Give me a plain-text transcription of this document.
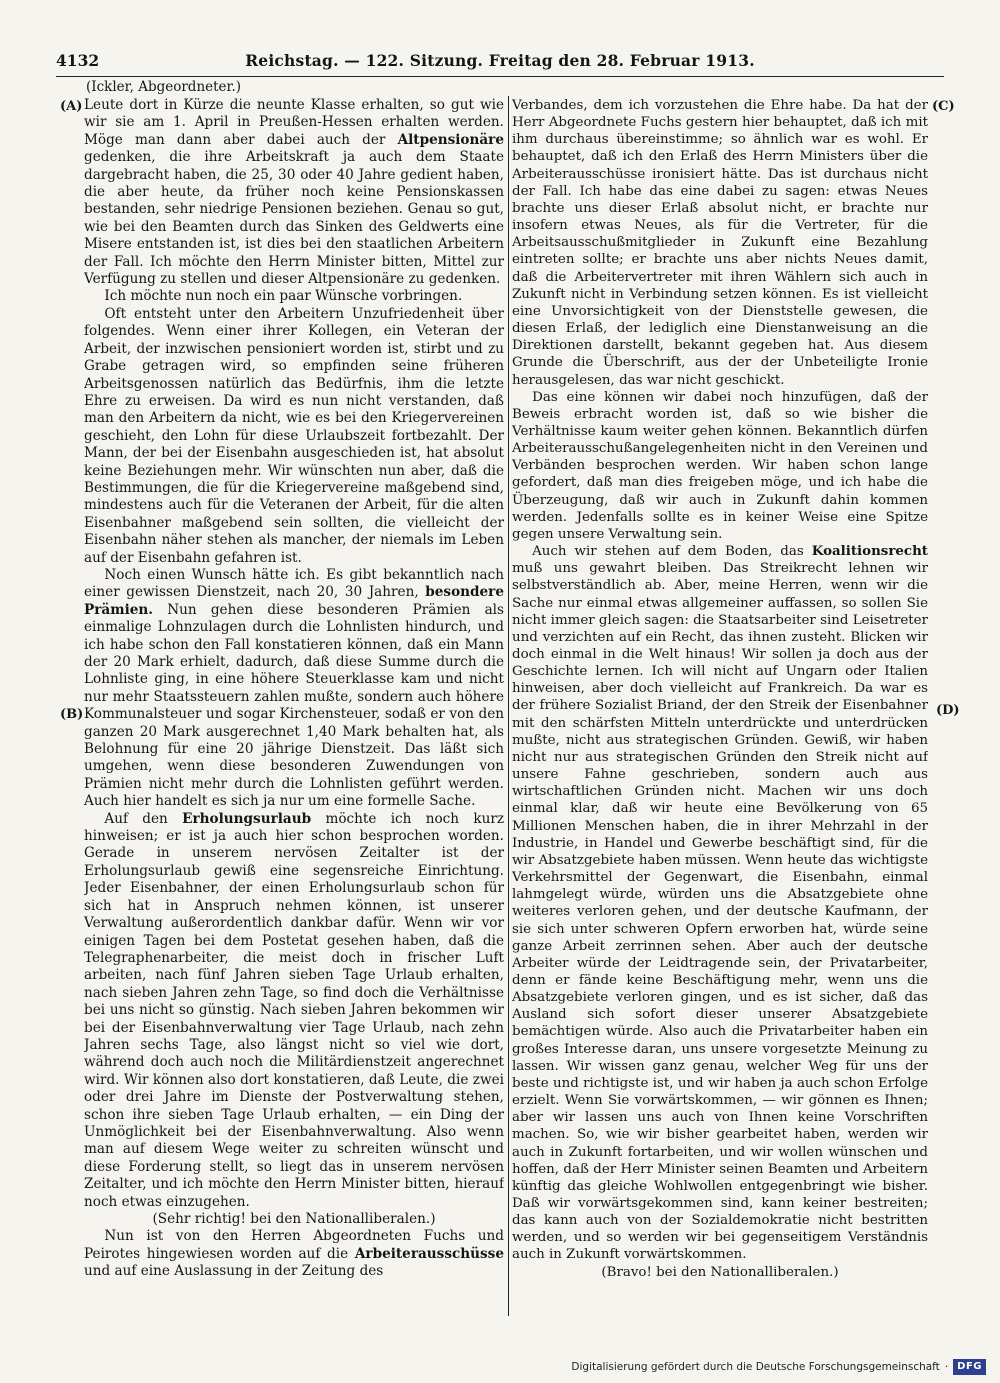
4132	Reichstag. — 122. Sitzung. Freitag den 28. Februar 1913.
(Ickler, Abgeordneter.)
(A)
(B)
(C)
(D)

Leute dort in Kürze die neunte Klasse erhalten, so gut wie wir sie am 1. April in Preußen-Hessen erhalten werden. Möge man dann aber dabei auch der Altpensionäre gedenken, die ihre Arbeitskraft ja auch dem Staate dargebracht haben, die 25, 30 oder 40 Jahre gedient haben, die aber heute, da früher noch keine Pensionskassen bestanden, sehr niedrige Pensionen beziehen. Genau so gut, wie bei den Beamten durch das Sinken des Geldwerts eine Misere entstanden ist, ist dies bei den staatlichen Arbeitern der Fall. Ich möchte den Herrn Minister bitten, Mittel zur Verfügung zu stellen und dieser Altpensionäre zu gedenken.

Ich möchte nun noch ein paar Wünsche vorbringen.

Oft entsteht unter den Arbeitern Unzufriedenheit über folgendes. Wenn einer ihrer Kollegen, ein Veteran der Arbeit, der inzwischen pensioniert worden ist, stirbt und zu Grabe getragen wird, so empfinden seine früheren Arbeitsgenossen natürlich das Bedürfnis, ihm die letzte Ehre zu erweisen. Da wird es nun nicht verstanden, daß man den Arbeitern da nicht, wie es bei den Kriegervereinen geschieht, den Lohn für diese Urlaubszeit fortbezahlt. Der Mann, der bei der Eisenbahn ausgeschieden ist, hat absolut keine Beziehungen mehr. Wir wünschten nun aber, daß die Bestimmungen, die für die Kriegervereine maßgebend sind, mindestens auch für die Veteranen der Arbeit, für die alten Eisenbahner maßgebend sein sollten, die vielleicht der Eisenbahn näher stehen als mancher, der niemals im Leben auf der Eisenbahn gefahren ist.

Noch einen Wunsch hätte ich. Es gibt bekanntlich nach einer gewissen Dienstzeit, nach 20, 30 Jahren, besondere Prämien. Nun gehen diese besonderen Prämien als einmalige Lohnzulagen durch die Lohnlisten hindurch, und ich habe schon den Fall konstatieren können, daß ein Mann der 20 Mark erhielt, dadurch, daß diese Summe durch die Lohnliste ging, in eine höhere Steuerklasse kam und nicht nur mehr Staatssteuern zahlen mußte, sondern auch höhere Kommunalsteuer und sogar Kirchensteuer, sodaß er von den ganzen 20 Mark ausgerechnet 1,40 Mark behalten hat, als Belohnung für eine 20 jährige Dienstzeit. Das läßt sich umgehen, wenn diese besonderen Zuwendungen von Prämien nicht mehr durch die Lohnlisten geführt werden. Auch hier handelt es sich ja nur um eine formelle Sache.

Auf den Erholungsurlaub möchte ich noch kurz hinweisen; er ist ja auch hier schon besprochen worden. Gerade in unserem nervösen Zeitalter ist der Erholungsurlaub gewiß eine segensreiche Einrichtung. Jeder Eisenbahner, der einen Erholungsurlaub schon für sich hat in Anspruch nehmen können, ist unserer Verwaltung außerordentlich dankbar dafür. Wenn wir vor einigen Tagen bei dem Postetat gesehen haben, daß die Telegraphenarbeiter, die meist doch in frischer Luft arbeiten, nach fünf Jahren sieben Tage Urlaub erhalten, nach sieben Jahren zehn Tage, so find doch die Verhältnisse bei uns nicht so günstig. Nach sieben Jahren bekommen wir bei der Eisenbahnverwaltung vier Tage Urlaub, nach zehn Jahren sechs Tage, also längst nicht so viel wie dort, während doch auch noch die Militärdienstzeit angerechnet wird. Wir können also dort konstatieren, daß Leute, die zwei oder drei Jahre im Dienste der Postverwaltung stehen, schon ihre sieben Tage Urlaub erhalten, — ein Ding der Unmöglichkeit bei der Eisenbahnverwaltung. Also wenn man auf diesem Wege weiter zu schreiten wünscht und diese Forderung stellt, so liegt das in unserem nervösen Zeitalter, und ich möchte den Herrn Minister bitten, hierauf noch etwas einzugehen.

(Sehr richtig! bei den Nationalliberalen.)

Nun ist von den Herren Abgeordneten Fuchs und Peirotes hingewiesen worden auf die Arbeiterausschüsse und auf eine Auslassung in der Zeitung des

Verbandes, dem ich vorzustehen die Ehre habe. Da hat der Herr Abgeordnete Fuchs gestern hier behauptet, daß ich mit ihm durchaus übereinstimme; so ähnlich war es wohl. Er behauptet, daß ich den Erlaß des Herrn Ministers über die Arbeiterausschüsse ironisiert hätte. Das ist durchaus nicht der Fall. Ich habe das eine dabei zu sagen: etwas Neues brachte uns dieser Erlaß absolut nicht, er brachte nur insofern etwas Neues, als für die Vertreter, für die Arbeitsausschußmitglieder in Zukunft eine Bezahlung eintreten sollte; er brachte uns aber nichts Neues damit, daß die Arbeitervertreter mit ihren Wählern sich auch in Zukunft nicht in Verbindung setzen können. Es ist vielleicht eine Unvorsichtigkeit von der Dienststelle gewesen, die diesen Erlaß, der lediglich eine Dienstanweisung an die Direktionen darstellt, bekannt gegeben hat. Aus diesem Grunde die Überschrift, aus der der Unbeteiligte Ironie herausgelesen, das war nicht geschickt.

Das eine können wir dabei noch hinzufügen, daß der Beweis erbracht worden ist, daß so wie bisher die Verhältnisse kaum weiter gehen können. Bekanntlich dürfen Arbeiterausschußangelegenheiten nicht in den Vereinen und Verbänden besprochen werden. Wir haben schon lange gefordert, daß man dies freigeben möge, und ich habe die Überzeugung, daß wir auch in Zukunft dahin kommen werden. Jedenfalls sollte es in keiner Weise eine Spitze gegen unsere Verwaltung sein.

Auch wir stehen auf dem Boden, das Koalitionsrecht muß uns gewahrt bleiben. Das Streikrecht lehnen wir selbstverständlich ab. Aber, meine Herren, wenn wir die Sache nur einmal etwas allgemeiner auffassen, so sollen Sie nicht immer gleich sagen: die Staatsarbeiter sind Leisetreter und verzichten auf ein Recht, das ihnen zusteht. Blicken wir doch einmal in die Welt hinaus! Wir sollen ja doch aus der Geschichte lernen. Ich will nicht auf Ungarn oder Italien hinweisen, aber doch vielleicht auf Frankreich. Da war es der frühere Sozialist Briand, der den Streik der Eisenbahner mit den schärfsten Mitteln unterdrückte und unterdrücken mußte, nicht aus strategischen Gründen. Gewiß, wir haben nicht nur aus strategischen Gründen den Streik nicht auf unsere Fahne geschrieben, sondern auch aus wirtschaftlichen Gründen nicht. Machen wir uns doch einmal klar, daß wir heute eine Bevölkerung von 65 Millionen Menschen haben, die in ihrer Mehrzahl in der Industrie, in Handel und Gewerbe beschäftigt sind, für die wir Absatzgebiete haben müssen. Wenn heute das wichtigste Verkehrsmittel der Gegenwart, die Eisenbahn, einmal lahmgelegt würde, würden uns die Absatzgebiete ohne weiteres verloren gehen, und der deutsche Kaufmann, der sie sich unter schweren Opfern erworben hat, würde seine ganze Arbeit zerrinnen sehen. Aber auch der deutsche Arbeiter würde der Leidtragende sein, der Privatarbeiter, denn er fände keine Beschäftigung mehr, wenn uns die Absatzgebiete verloren gingen, und es ist sicher, daß das Ausland sich sofort dieser unserer Absatzgebiete bemächtigen würde. Also auch die Privatarbeiter haben ein großes Interesse daran, uns unsere vorgesetzte Meinung zu lassen. Wir wissen ganz genau, welcher Weg für uns der beste und richtigste ist, und wir haben ja auch schon Erfolge erzielt. Wenn Sie vorwärtskommen, — wir gönnen es Ihnen; aber wir lassen uns auch von Ihnen keine Vorschriften machen. So, wie wir bisher gearbeitet haben, werden wir auch in Zukunft fortarbeiten, und wir wollen wünschen und hoffen, daß der Herr Minister seinen Beamten und Arbeitern künftig das gleiche Wohlwollen entgegenbringt wie bisher. Daß wir vorwärtsgekommen sind, kann keiner bestreiten; das kann auch von der Sozialdemokratie nicht bestritten werden, und so werden wir bei gegenseitigem Verständnis auch in Zukunft vorwärtskommen.

(Bravo! bei den Nationalliberalen.)

Digitalisierung gefördert durch die Deutsche Forschungsgemeinschaft · DFG
